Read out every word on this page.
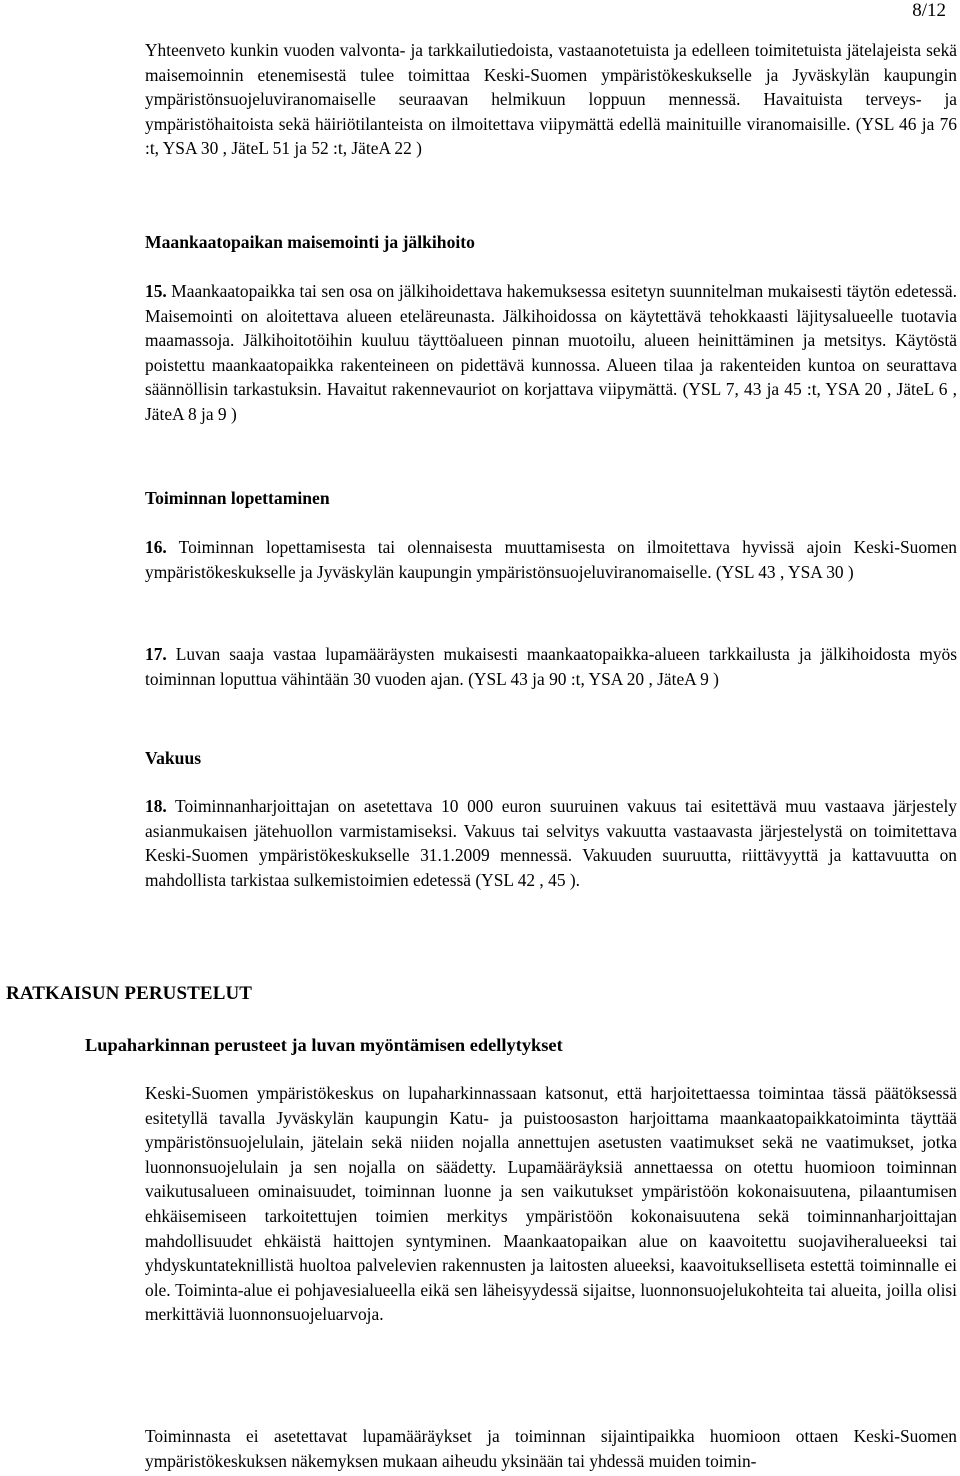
8/12
Yhteenveto kunkin vuoden valvonta- ja tarkkailutiedoista, vastaanotetuista ja edelleen toimitetuista jätelajeista sekä maisemoinnin etenemisestä tulee toimittaa Keski-Suomen ympäristökeskukselle ja Jyväskylän kaupungin ympäristönsuojeluviranomaiselle seuraavan helmikuun loppuun mennessä. Havaituista terveys- ja ympäristöhaitoista sekä häiriötilanteista on ilmoitettava viipymättä edellä mainituille viranomaisille. (YSL 46 ja 76 :t, YSA 30 , JäteL 51 ja 52 :t, JäteA 22 )
Maankaatopaikan maisemointi ja jälkihoito
15. Maankaatopaikka tai sen osa on jälkihoidettava hakemuksessa esitetyn suunnitelman mukaisesti täytön edetessä. Maisemointi on aloitettava alueen eteläreunasta. Jälkihoidossa on käytettävä tehokkaasti läjitysalueelle tuotavia maamassoja. Jälkihoitotöihin kuuluu täyttöalueen pinnan muotoilu, alueen heinittäminen ja metsitys. Käytöstä poistettu maankaatopaikka rakenteineen on pidettävä kunnossa. Alueen tilaa ja rakenteiden kuntoa on seurattava säännöllisin tarkastuksin. Havaitut rakennevauriot on korjattava viipymättä. (YSL 7, 43 ja 45 :t, YSA 20 , JäteL 6 , JäteA 8 ja 9 )
Toiminnan lopettaminen
16. Toiminnan lopettamisesta tai olennaisesta muuttamisesta on ilmoitettava hyvissä ajoin Keski-Suomen ympäristökeskukselle ja Jyväskylän kaupungin ympäristönsuojeluviranomaiselle. (YSL 43 , YSA 30 )
17. Luvan saaja vastaa lupamääräysten mukaisesti maankaatopaikka-alueen tarkkailusta ja jälkihoidosta myös toiminnan loputtua vähintään 30 vuoden ajan. (YSL 43 ja 90 :t, YSA 20 , JäteA 9 )
Vakuus
18. Toiminnanharjoittajan on asetettava 10 000 euron suuruinen vakuus tai esitettävä muu vastaava järjestely asianmukaisen jätehuollon varmistamiseksi. Vakuus tai selvitys vakuutta vastaavasta järjestelystä on toimitettava Keski-Suomen ympäristökeskukselle 31.1.2009 mennessä. Vakuuden suuruutta, riittävyyttä ja kattavuutta on mahdollista tarkistaa sulkemistoimien edetessä (YSL 42 , 45 ).
RATKAISUN PERUSTELUT
Lupaharkinnan perusteet ja luvan myöntämisen edellytykset
Keski-Suomen ympäristökeskus on lupaharkinnassaan katsonut, että harjoitettaessa toimintaa tässä päätöksessä esitetyllä tavalla Jyväskylän kaupungin Katu- ja puistoosaston harjoittama maankaatopaikkatoiminta täyttää ympäristönsuojelulain, jätelain sekä niiden nojalla annettujen asetusten vaatimukset sekä ne vaatimukset, jotka luonnonsuojelulain ja sen nojalla on säädetty. Lupamääräyksiä annettaessa on otettu huomioon toiminnan vaikutusalueen ominaisuudet, toiminnan luonne ja sen vaikutukset ympäristöön kokonaisuutena, pilaantumisen ehkäisemiseen tarkoitettujen toimien merkitys ympäristöön kokonaisuutena sekä toiminnanharjoittajan mahdollisuudet ehkäistä haittojen syntyminen. Maankaatopaikan alue on kaavoitettu suojaviheralueeksi tai yhdyskuntateknillistä huoltoa palvelevien rakennusten ja laitosten alueeksi, kaavoitukselliseta estettä toiminnalle ei ole. Toiminta-alue ei pohjavesialueella eikä sen läheisyydessä sijaitse, luonnonsuojelukohteita tai alueita, joilla olisi merkittäviä luonnonsuojeluarvoja.
Toiminnasta ei asetettavat lupamääräykset ja toiminnan sijaintipaikka huomioon ottaen Keski-Suomen ympäristökeskuksen näkemyksen mukaan aiheudu yksinään tai yhdessä muiden toimin-
